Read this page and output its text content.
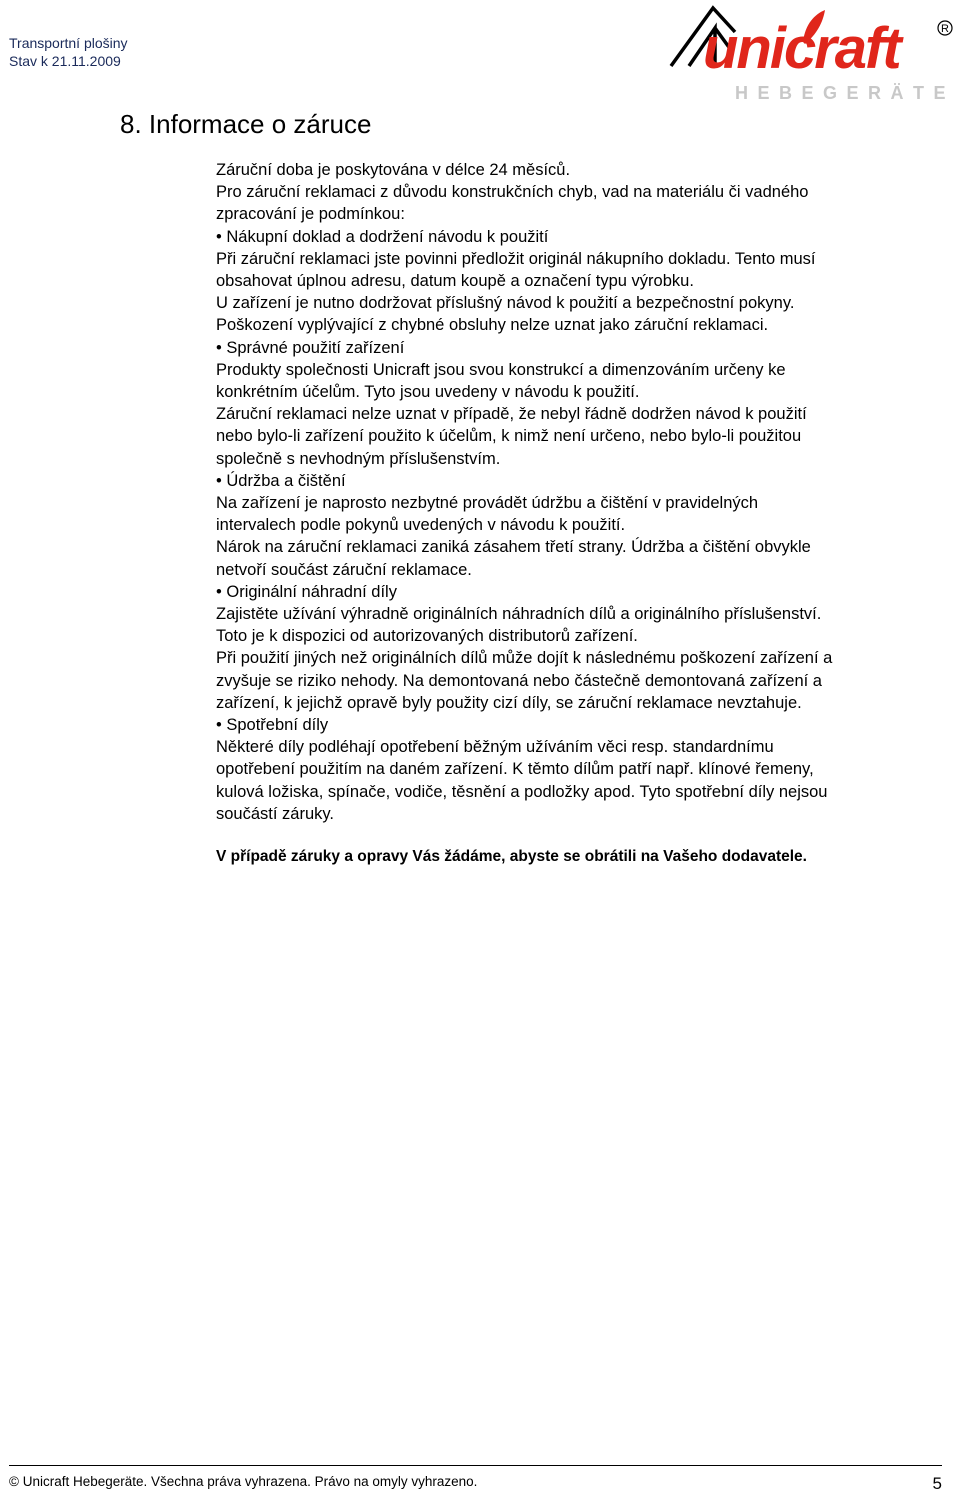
Transportní plošiny
Stav k 21.11.2009	unicraft	R
HEBEGERÄTE
8. Informace o záruce

Záruční doba je poskytována v délce 24 měsíců.

Pro záruční reklamaci z důvodu konstrukčních chyb, vad na materiálu či vadného

zpracování je podmínkou:

• Nákupní doklad a dodržení návodu k použití

Při záruční reklamaci jste povinni předložit originál nákupního dokladu. Tento musí

obsahovat úplnou adresu, datum koupě a označení typu výrobku.

U zařízení je nutno dodržovat příslušný návod k použití a bezpečnostní pokyny.

Poškození vyplývající z chybné obsluhy nelze uznat jako záruční reklamaci.

• Správné použití zařízení

Produkty společnosti Unicraft jsou svou konstrukcí a dimenzováním určeny ke

konkrétním účelům. Tyto jsou uvedeny v návodu k použití.

Záruční reklamaci nelze uznat v případě, že nebyl řádně dodržen návod k použití

nebo bylo-li zařízení použito k účelům, k nimž není určeno, nebo bylo-li použitou

společně s nevhodným příslušenstvím.

• Údržba a čištění

Na zařízení je naprosto nezbytné provádět údržbu a čištění v pravidelných

intervalech podle pokynů uvedených v návodu k použití.

Nárok na záruční reklamaci zaniká zásahem třetí strany. Údržba a čištění obvykle

netvoří součást záruční reklamace.

• Originální náhradní díly

Zajistěte užívání výhradně originálních náhradních dílů a originálního příslušenství.

Toto je k dispozici od autorizovaných distributorů zařízení.

Při použití jiných než originálních dílů může dojít k následnému poškození zařízení a

zvyšuje se riziko nehody. Na demontovaná nebo částečně demontovaná zařízení a

zařízení, k jejichž opravě byly použity cizí díly, se záruční reklamace nevztahuje.

• Spotřební díly

Některé díly podléhají opotřebení běžným užíváním věci resp. standardnímu

opotřebení použitím na daném zařízení. K těmto dílům patří např. klínové řemeny,

kulová ložiska, spínače, vodiče, těsnění a podložky apod. Tyto spotřební díly nejsou

součástí záruky.

V případě záruky a opravy Vás žádáme, abyste se obrátili na Vašeho dodavatele.

© Unicraft Hebegeräte. Všechna práva vyhrazena. Právo na omyly vyhrazeno.	5
